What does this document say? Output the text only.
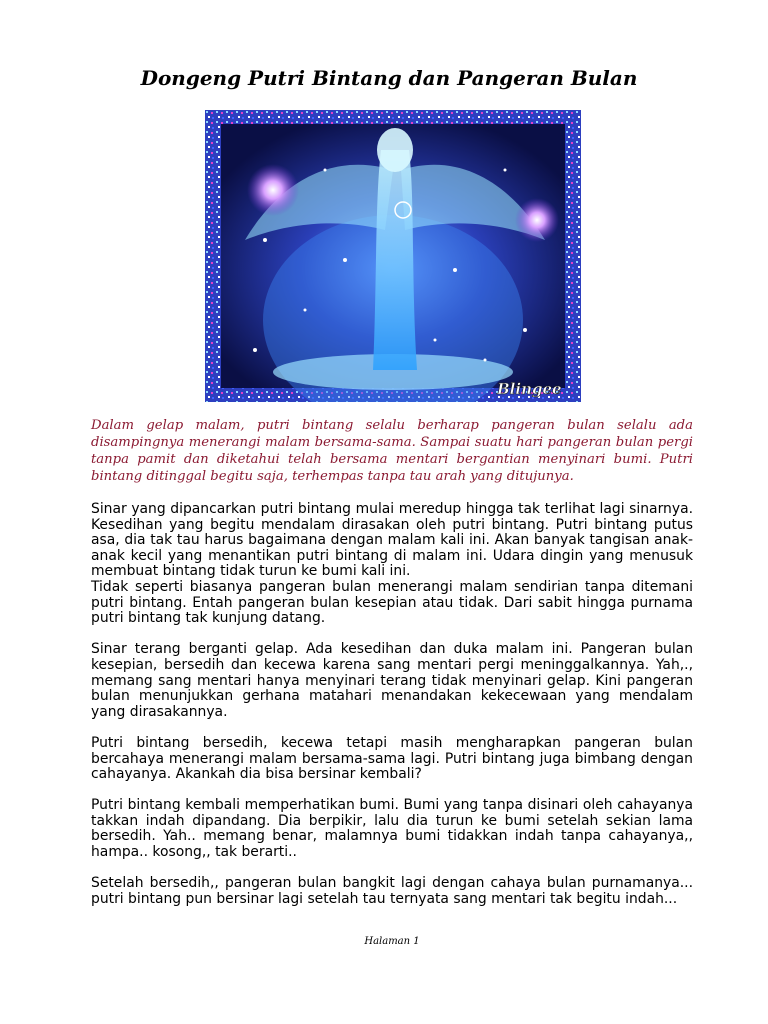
Dongeng Putri Bintang dan Pangeran Bulan
Blingee

Dalam gelap malam, putri bintang selalu berharap pangeran bulan selalu ada disampingnya menerangi malam bersama-sama. Sampai suatu hari pangeran bulan pergi tanpa pamit dan diketahui telah bersama mentari bergantian menyinari bumi. Putri bintang ditinggal begitu saja, terhempas tanpa tau arah yang ditujunya.

Sinar yang dipancarkan putri bintang mulai meredup hingga tak terlihat lagi sinarnya. Kesedihan yang begitu mendalam dirasakan oleh putri bintang. Putri bintang putus asa, dia tak tau harus bagaimana dengan malam kali ini. Akan banyak tangisan anak-anak kecil yang menantikan putri bintang di malam ini. Udara dingin yang menusuk membuat bintang tidak turun ke bumi kali ini.

Tidak seperti biasanya pangeran bulan menerangi malam sendirian tanpa ditemani putri bintang. Entah pangeran bulan kesepian atau tidak. Dari sabit hingga purnama putri bintang tak kunjung datang.

Sinar terang berganti gelap. Ada kesedihan dan duka malam ini. Pangeran bulan kesepian, bersedih dan kecewa karena sang mentari pergi meninggalkannya. Yah,., memang sang mentari hanya menyinari terang tidak menyinari gelap. Kini pangeran bulan menunjukkan gerhana matahari menandakan kekecewaan yang mendalam yang dirasakannya.

Putri bintang bersedih, kecewa tetapi masih mengharapkan pangeran bulan bercahaya menerangi malam bersama-sama lagi. Putri bintang juga bimbang dengan cahayanya. Akankah dia bisa bersinar kembali?

Putri bintang kembali memperhatikan bumi. Bumi yang tanpa disinari oleh cahayanya takkan indah dipandang. Dia berpikir, lalu dia turun ke bumi setelah sekian lama bersedih. Yah.. memang benar, malamnya bumi tidakkan indah tanpa cahayanya,, hampa.. kosong,, tak berarti..

Setelah bersedih,, pangeran bulan bangkit lagi dengan cahaya bulan purnamanya... putri bintang pun bersinar lagi setelah tau ternyata sang mentari tak begitu indah...

Halaman 1
